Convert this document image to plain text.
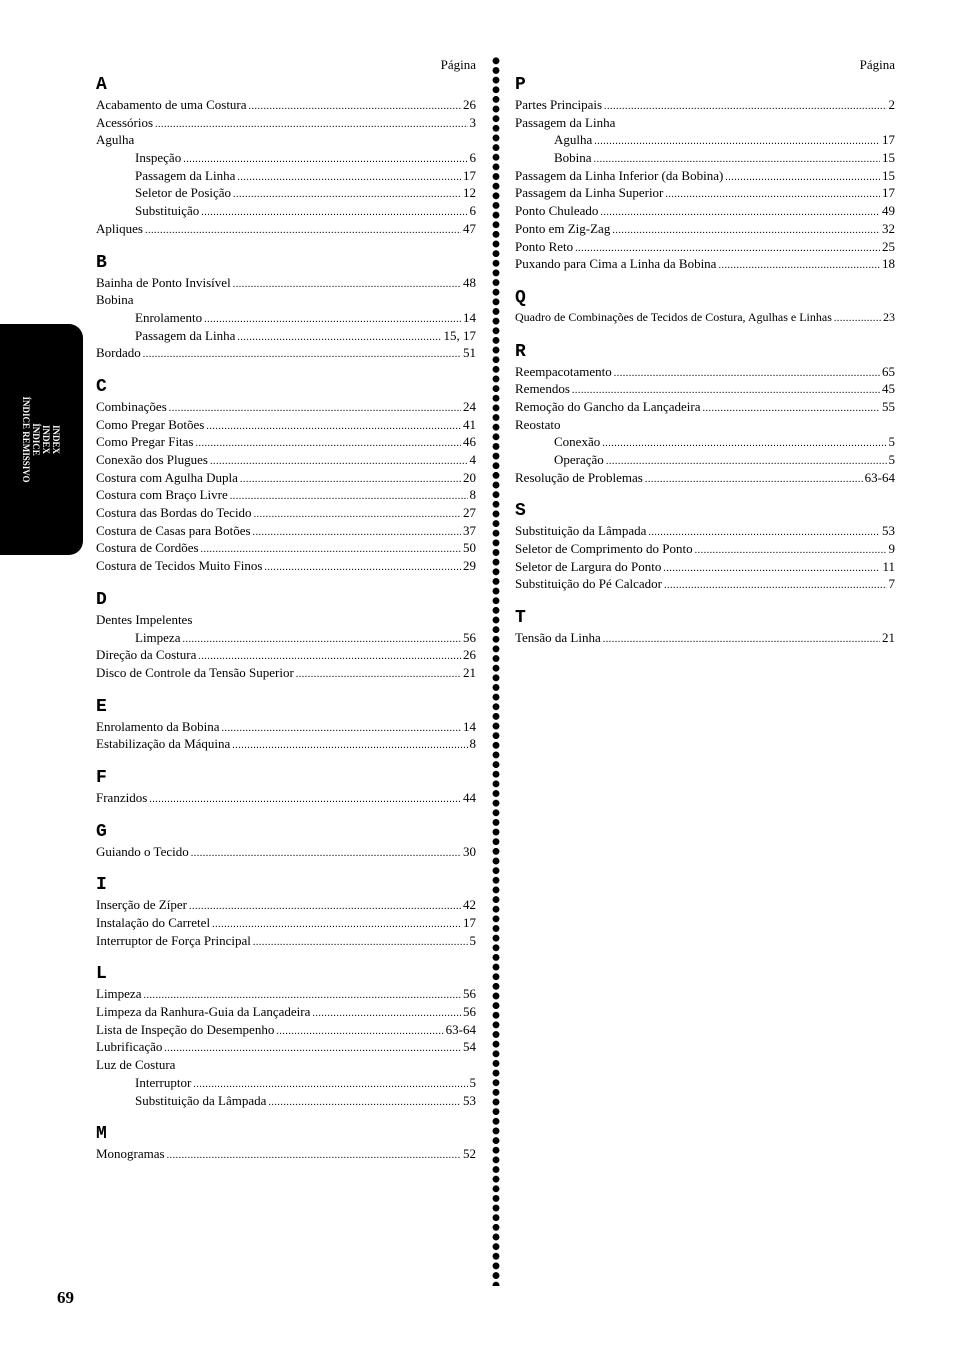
INDEX
INDEX
ÍNDICE
ÍNDICE REMISSIVO
Página
A
Acabamento de uma Costura .....	26
Acessórios .....	3
Agulha
Inspeção .....	6
Passagem da Linha .....	17
Seletor de Posição .....	12
Substituição .....	6
Apliques .....	47
B
Bainha de Ponto Invisível .....	48
Bobina
Enrolamento .....	14
Passagem da Linha .....	15, 17
Bordado .....	51
C
Combinações .....	24
Como Pregar Botões .....	41
Como Pregar Fitas .....	46
Conexão dos Plugues .....	4
Costura com Agulha Dupla .....	20
Costura com Braço Livre .....	8
Costura das Bordas do Tecido .....	27
Costura de Casas para Botões .....	37
Costura de Cordões .....	50
Costura de Tecidos Muito Finos .....	29
D
Dentes Impelentes
Limpeza .....	56
Direção da Costura .....	26
Disco de Controle da Tensão Superior .....	21
E
Enrolamento da Bobina .....	14
Estabilização da Máquina .....	8
F
Franzidos .....	44
G
Guiando o Tecido .....	30
I
Inserção de Zíper .....	42
Instalação do Carretel .....	17
Interruptor de Força Principal .....	5
L
Limpeza .....	56
Limpeza da Ranhura-Guia da Lançadeira .....	56
Lista de Inspeção do Desempenho .....	63-64
Lubrificação .....	54
Luz de Costura
Interruptor .....	5
Substituição da Lâmpada .....	53
M
Monogramas .....	52
Página
P
Partes Principais .....	2
Passagem da Linha
Agulha .....	17
Bobina .....	15
Passagem da Linha Inferior (da Bobina) .....	15
Passagem da Linha Superior .....	17
Ponto Chuleado .....	49
Ponto em Zig-Zag .....	32
Ponto Reto .....	25
Puxando para Cima a Linha da Bobina .....	18
Q
Quadro de Combinações de Tecidos de Costura, Agulhas e Linhas .....	23
R
Reempacotamento .....	65
Remendos .....	45
Remoção do Gancho da Lançadeira .....	55
Reostato
Conexão .....	5
Operação .....	5
Resolução de Problemas .....	63-64
S
Substituição da Lâmpada .....	53
Seletor de Comprimento do Ponto .....	9
Seletor de Largura do Ponto .....	11
Substituição do Pé Calcador .....	7
T
Tensão da Linha .....	21
69
